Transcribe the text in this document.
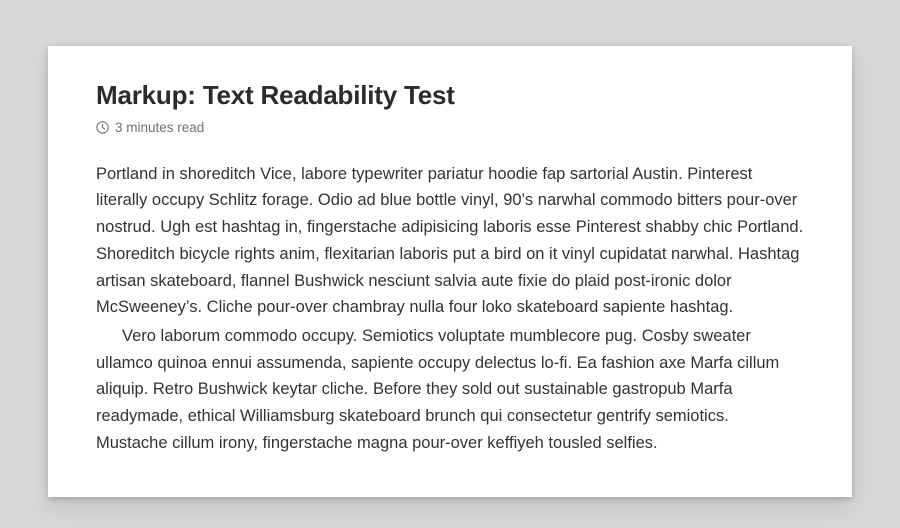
Markup: Text Readability Test
3 minutes read

Portland in shoreditch Vice, labore typewriter pariatur hoodie fap sartorial Austin. Pinterest literally occupy Schlitz forage. Odio ad blue bottle vinyl, 90’s narwhal commodo bitters pour-over nostrud. Ugh est hashtag in, fingerstache adipisicing laboris esse Pinterest shabby chic Portland. Shoreditch bicycle rights anim, flexitarian laboris put a bird on it vinyl cupidatat narwhal. Hashtag artisan skateboard, flannel Bushwick nesciunt salvia aute fixie do plaid post-ironic dolor McSweeney’s. Cliche pour-over chambray nulla four loko skateboard sapiente hashtag.

Vero laborum commodo occupy. Semiotics voluptate mumblecore pug. Cosby sweater ullamco quinoa ennui assumenda, sapiente occupy delectus lo-fi. Ea fashion axe Marfa cillum aliquip. Retro Bushwick keytar cliche. Before they sold out sustainable gastropub Marfa readymade, ethical Williamsburg skateboard brunch qui consectetur gentrify semiotics. Mustache cillum irony, fingerstache magna pour-over keffiyeh tousled selfies.
